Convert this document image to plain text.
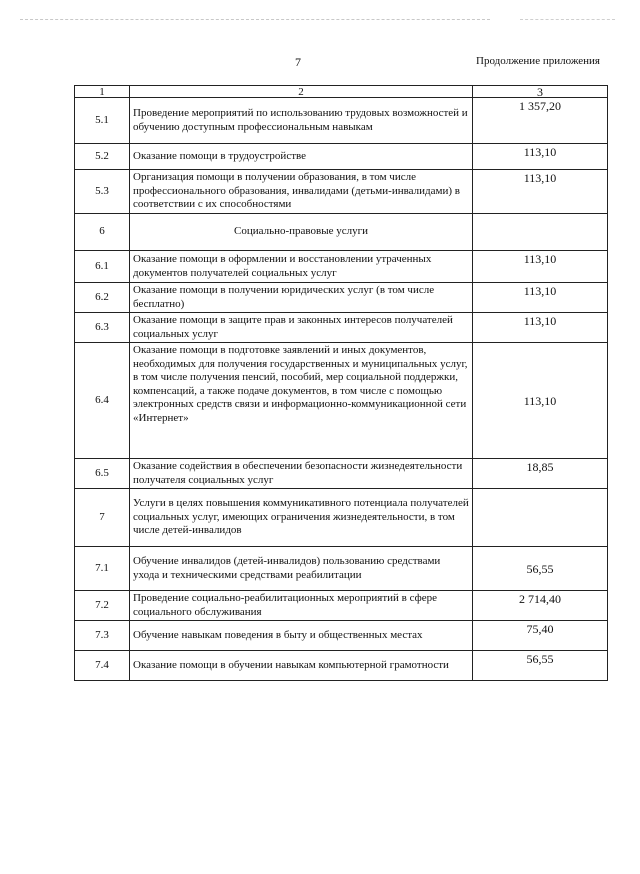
7	Продолжение приложения
1	2	3
5.1	Проведение мероприятий по использованию трудовых возможностей и обучению доступным профессиональным навыкам	1 357,20
5.2	Оказание помощи в трудоустройстве	113,10
5.3	Организация помощи в получении образования, в том числе профессионального образования, инвалидами (детьми-инвалидами) в соответствии с их способностями	113,10
6	Социально-правовые услуги	
6.1	Оказание помощи в оформлении и восстановлении утраченных документов получателей социальных услуг	113,10
6.2	Оказание помощи в получении юридических услуг (в том числе бесплатно)	113,10
6.3	Оказание помощи в защите прав и законных интересов получателей социальных услуг	113,10
6.4	Оказание помощи в подготовке заявлений и иных документов, необходимых для получения государственных и муниципальных услуг, в том числе получения пенсий, пособий, мер социальной поддержки, компенсаций, а также подаче документов, в том числе с помощью электронных средств связи и информационно-коммуникационной сети «Интернет»	113,10
6.5	Оказание содействия в обеспечении безопасности жизнедеятельности получателя социальных услуг	18,85
7	Услуги в целях повышения коммуникативного потенциала получателей социальных услуг, имеющих ограничения жизнедеятельности, в том числе детей-инвалидов	
7.1	Обучение инвалидов (детей-инвалидов) пользованию средствами ухода и техническими средствами реабилитации	56,55
7.2	Проведение социально-реабилитационных мероприятий в сфере социального обслуживания	2 714,40
7.3	Обучение навыкам поведения в быту и общественных местах	75,40
7.4	Оказание помощи в обучении навыкам компьютерной грамотности	56,55
